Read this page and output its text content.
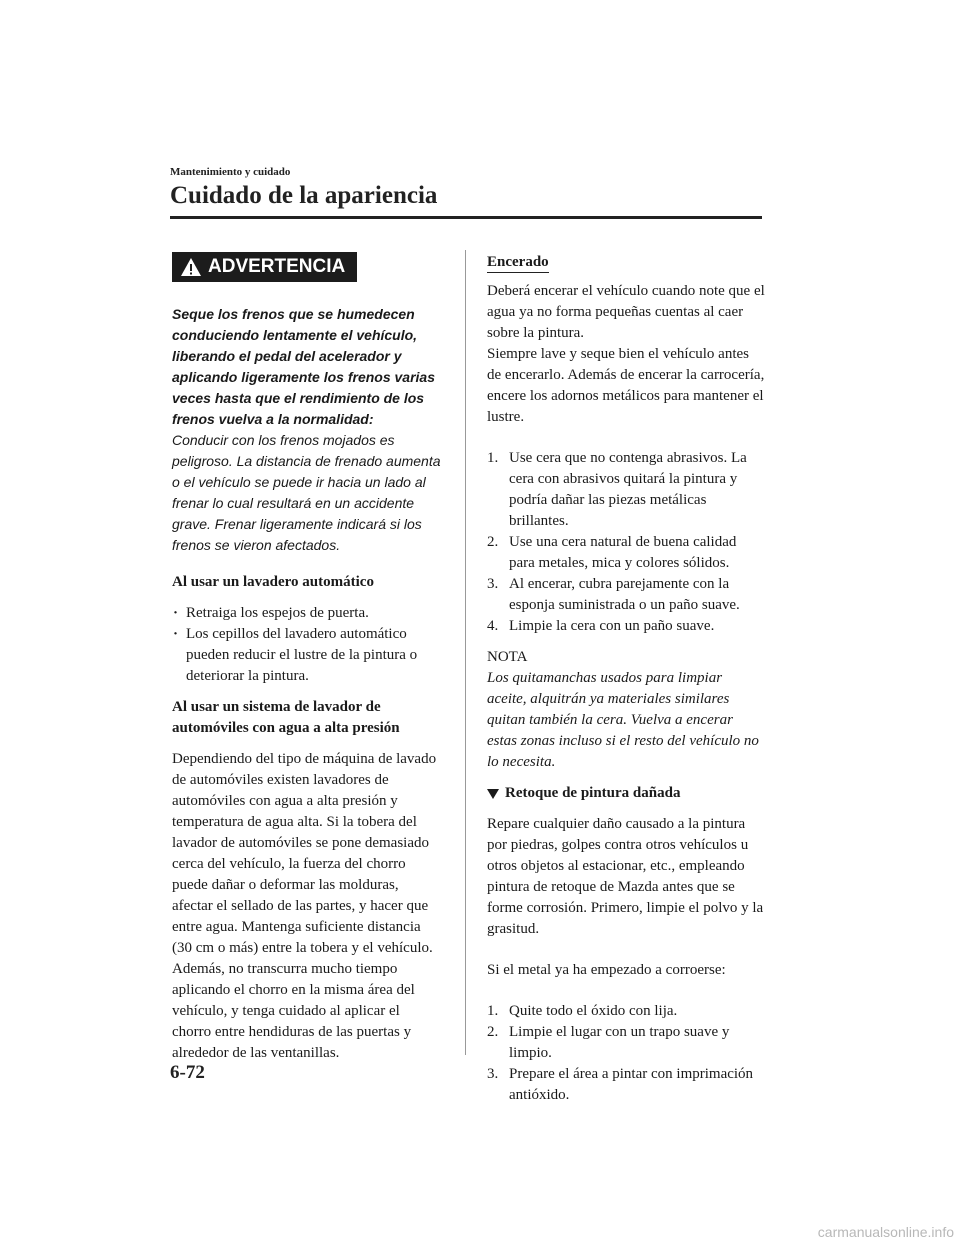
Mantenimiento y cuidado
Cuidado de la apariencia
ADVERTENCIA

Seque los frenos que se humedecen conduciendo lentamente el vehículo, liberando el pedal del acelerador y aplicando ligeramente los frenos varias veces hasta que el rendimiento de los frenos vuelva a la normalidad:

Conducir con los frenos mojados es peligroso. La distancia de frenado aumenta o el vehículo se puede ir hacia un lado al frenar lo cual resultará en un accidente grave. Frenar ligeramente indicará si los frenos se vieron afectados.

Al usar un lavadero automático

· Retraiga los espejos de puerta.
· Los cepillos del lavadero automático pueden reducir el lustre de la pintura o deteriorar la pintura.

Al usar un sistema de lavador de automóviles con agua a alta presión

Dependiendo del tipo de máquina de lavado de automóviles existen lavadores de automóviles con agua a alta presión y temperatura de agua alta. Si la tobera del lavador de automóviles se pone demasiado cerca del vehículo, la fuerza del chorro puede dañar o deformar las molduras, afectar el sellado de las partes, y hacer que entre agua. Mantenga suficiente distancia (30 cm o más) entre la tobera y el vehículo. Además, no transcurra mucho tiempo aplicando el chorro en la misma área del vehículo, y tenga cuidado al aplicar el chorro entre hendiduras de las puertas y alrededor de las ventanillas.

Encerado

Deberá encerar el vehículo cuando note que el agua ya no forma pequeñas cuentas al caer sobre la pintura.

Siempre lave y seque bien el vehículo antes de encerarlo. Además de encerar la carrocería, encere los adornos metálicos para mantener el lustre.

1. Use cera que no contenga abrasivos. La cera con abrasivos quitará la pintura y podría dañar las piezas metálicas brillantes.
2. Use una cera natural de buena calidad para metales, mica y colores sólidos.
3. Al encerar, cubra parejamente con la esponja suministrada o un paño suave.
4. Limpie la cera con un paño suave.

NOTA

Los quitamanchas usados para limpiar aceite, alquitrán ya materiales similares quitan también la cera. Vuelva a encerar estas zonas incluso si el resto del vehículo no lo necesita.

Retoque de pintura dañada

Repare cualquier daño causado a la pintura por piedras, golpes contra otros vehículos u otros objetos al estacionar, etc., empleando pintura de retoque de Mazda antes que se forme corrosión. Primero, limpie el polvo y la grasitud.

Si el metal ya ha empezado a corroerse:

1. Quite todo el óxido con lija.
2. Limpie el lugar con un trapo suave y limpio.
3. Prepare el área a pintar con imprimación antióxido.
6-72
carmanualsonline.info
